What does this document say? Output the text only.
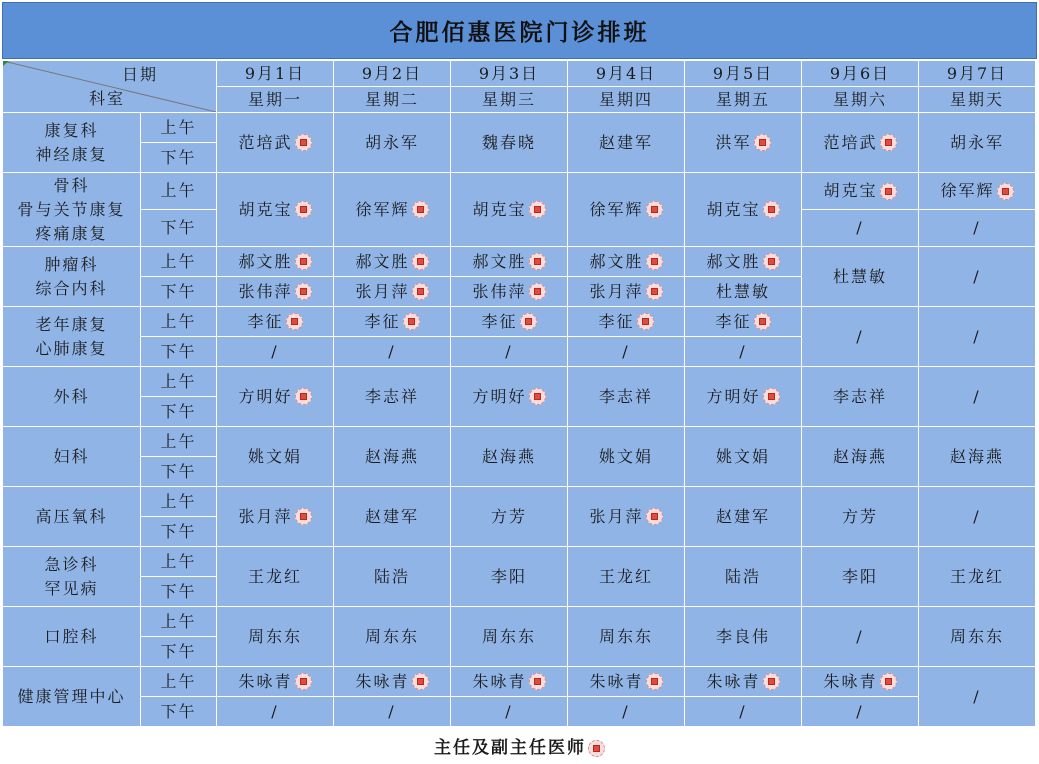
合肥佰惠医院门诊排班
日期
科室		9月1日	9月2日	9月3日	9月4日	9月5日	9月6日	9月7日
		星期一	星期二	星期三	星期四	星期五	星期六	星期天
康复科
神经康复	上午	范培武	胡永军	魏春晓	赵建军	洪军	范培武	胡永军
	下午							
骨科
骨与关节康复
疼痛康复	上午	胡克宝	徐军辉	胡克宝	徐军辉	胡克宝	胡克宝	徐军辉
	下午						/	/
肿瘤科
综合内科	上午	郝文胜	郝文胜	郝文胜	郝文胜	郝文胜	杜慧敏	/
	下午	张伟萍	张月萍	张伟萍	张月萍	杜慧敏		
老年康复
心肺康复	上午	李征	李征	李征	李征	李征	/	/
	下午	/	/	/	/	/		
外科	上午	方明好	李志祥	方明好	李志祥	方明好	李志祥	/
	下午							
妇科	上午	姚文娟	赵海燕	赵海燕	姚文娟	姚文娟	赵海燕	赵海燕
	下午							
高压氧科	上午	张月萍	赵建军	方芳	张月萍	赵建军	方芳	/
	下午							
急诊科
罕见病	上午	王龙红	陆浩	李阳	王龙红	陆浩	李阳	王龙红
	下午							
口腔科	上午	周东东	周东东	周东东	周东东	李良伟	/	周东东
	下午							
健康管理中心	上午	朱咏青	朱咏青	朱咏青	朱咏青	朱咏青	朱咏青	/
	下午	/	/	/	/	/	/	
主任及副主任医师
